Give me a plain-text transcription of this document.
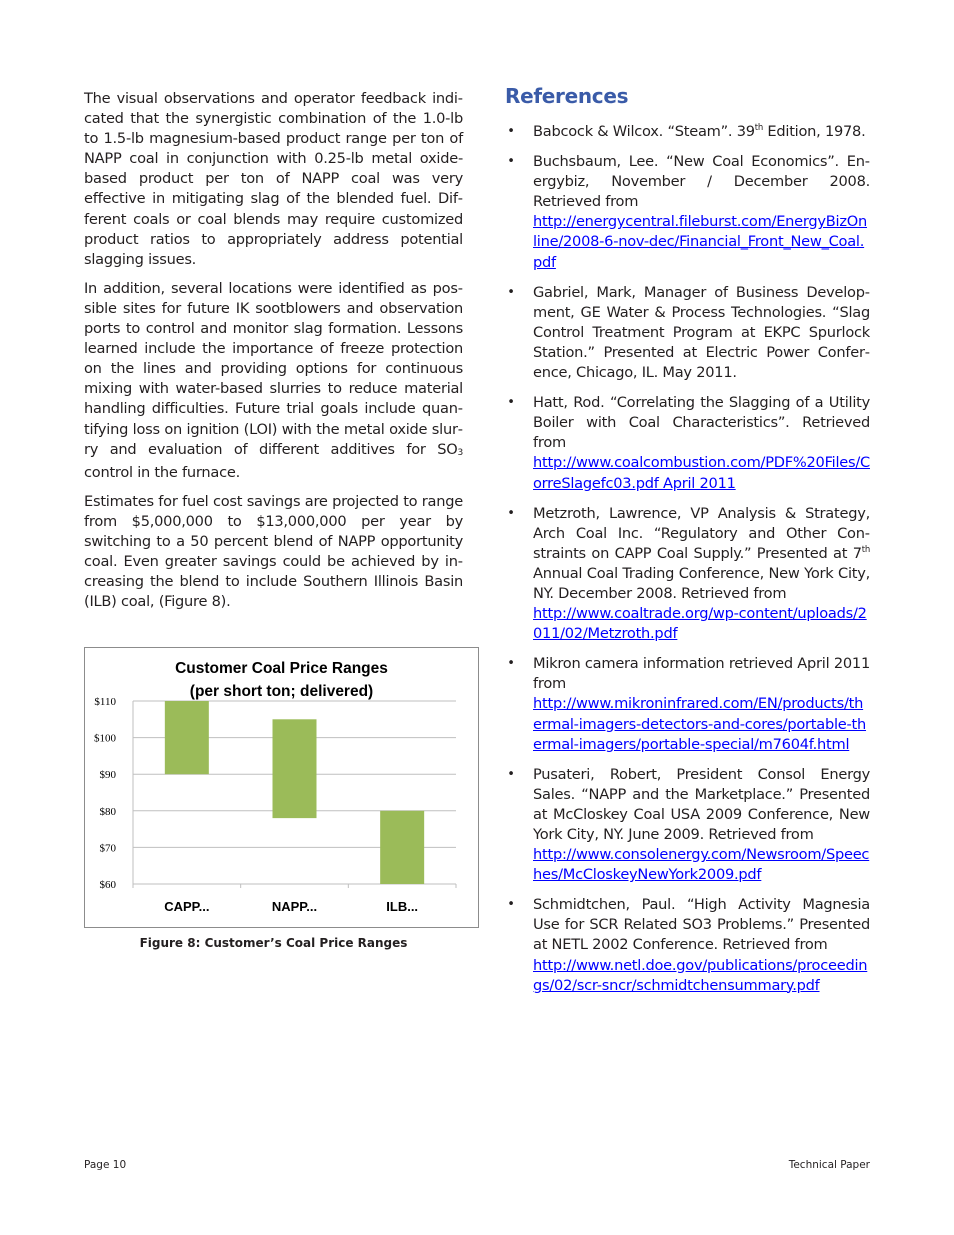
The visual observations and operator feedback indicated that the synergistic combination of the 1.0-lb to 1.5-lb magnesium-based product range per ton of NAPP coal in conjunction with 0.25-lb metal oxide-based product per ton of NAPP coal was very effective in mitigating slag of the blended fuel. Different coals or coal blends may require customized product ratios to appropriately address potential slagging issues.

In addition, several locations were identified as possible sites for future IK sootblowers and observation ports to control and monitor slag formation. Lessons learned include the importance of freeze protection on the lines and providing options for continuous mixing with water-based slurries to reduce material handling difficulties. Future trial goals include quantifying loss on ignition (LOI) with the metal oxide slurry and evaluation of different additives for SO3 control in the furnace.

Estimates for fuel cost savings are projected to range from $5,000,000 to $13,000,000 per year by switching to a 50 percent blend of NAPP opportunity coal. Even greater savings could be achieved by increasing the blend to include Southern Illinois Basin (ILB) coal, (Figure 8).

Customer Coal Price Ranges
(per short ton; delivered)
$60
$70
$80
$90
$100
$110
CAPP...	NAPP...	ILB...
Figure 8: Customer’s Coal Price Ranges
References
• Babcock & Wilcox. “Steam”. 39th Edition, 1978.
• Buchsbaum, Lee. “New Coal Economics”. Energybiz, November / December 2008. Retrieved from
http://energycentral.fileburst.com/EnergyBizOnline/2008-6-nov-dec/Financial_Front_New_Coal.pdf
• Gabriel, Mark, Manager of Business Development, GE Water & Process Technologies. “Slag Control Treatment Program at EKPC Spurlock Station.” Presented at Electric Power Conference, Chicago, IL. May 2011.
• Hatt, Rod. “Correlating the Slagging of a Utility Boiler with Coal Characteristics”. Retrieved from
http://www.coalcombustion.com/PDF%20Files/CorreSlagefc03.pdf April 2011
• Metzroth, Lawrence, VP Analysis & Strategy, Arch Coal Inc. “Regulatory and Other Constraints on CAPP Coal Supply.” Presented at 7th Annual Coal Trading Conference, New York City, NY. December 2008. Retrieved from
http://www.coaltrade.org/wp-content/uploads/2011/02/Metzroth.pdf
• Mikron camera information retrieved April 2011 from
http://www.mikroninfrared.com/EN/products/thermal-imagers-detectors-and-cores/portable-thermal-imagers/portable-special/m7604f.html
• Pusateri, Robert, President Consol Energy Sales. “NAPP and the Marketplace.” Presented at McCloskey Coal USA 2009 Conference, New York City, NY. June 2009. Retrieved from
http://www.consolenergy.com/Newsroom/Speeches/McCloskeyNewYork2009.pdf
• Schmidtchen, Paul. “High Activity Magnesia Use for SCR Related SO3 Problems.” Presented at NETL 2002 Conference. Retrieved from
http://www.netl.doe.gov/publications/proceedings/02/scr-sncr/schmidtchensummary.pdf
Page 10	Technical Paper
